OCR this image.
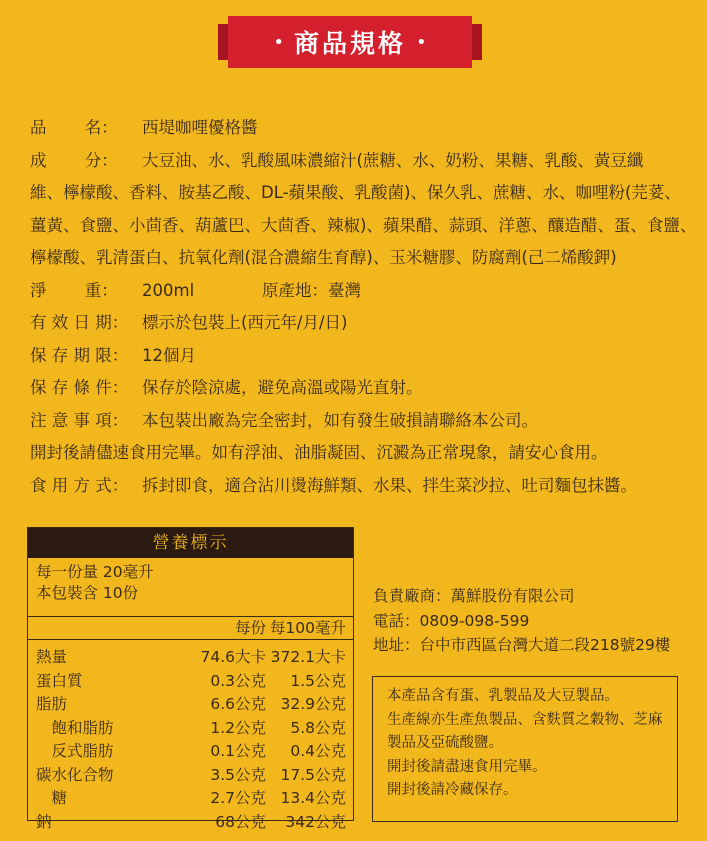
• 商品規格 •
品　　 名：	西堤咖哩優格醬
成　　 分：	大豆油、水、乳酸風味濃縮汁(蔗糖、水、奶粉、果糖、乳酸、黃豆纖
維、檸檬酸、香料、胺基乙酸、DL-蘋果酸、乳酸菌)、保久乳、蔗糖、水、咖哩粉(芫荽、
薑黃、食鹽、小茴香、葫蘆巴、大茴香、辣椒)、蘋果醋、蒜頭、洋蔥、釀造醋、蛋、食鹽、
檸檬酸、乳清蛋白、抗氧化劑(混合濃縮生育醇)、玉米糖膠、防腐劑(己二烯酸鉀)
淨　　 重：	200ml	原產地：臺灣
有 效 日 期： 標示於包裝上(西元年/月/日)
保 存 期 限： 12個月
保 存 條 件： 保存於陰涼處，避免高溫或陽光直射。
注 意 事 項： 本包裝出廠為完全密封，如有發生破損請聯絡本公司。
開封後請儘速食用完畢。如有浮油、油脂凝固、沉澱為正常現象，請安心食用。
食 用 方 式： 拆封即食，適合沾川燙海鮮類、水果、拌生菜沙拉、吐司麵包抹醬。
營養標示
每一份量 20毫升
本包裝含 10份
每份 每100毫升
熱量	74.6大卡 372.1大卡
蛋白質	0.3公克	1.5公克
脂肪	6.6公克 32.9公克
　飽和脂肪	1.2公克	5.8公克
　反式脂肪	0.1公克	0.4公克
碳水化合物	3.5公克 17.5公克
　糖	2.7公克 13.4公克
鈉	68公克	342公克
負責廠商：萬鮮股份有限公司
電話：0809-098-599
地址：台中市西區台灣大道二段218號29樓
本產品含有蛋、乳製品及大豆製品。
生產線亦生產魚製品、含麩質之穀物、芝麻
製品及亞硫酸鹽。
開封後請盡速食用完畢。
開封後請冷藏保存。
